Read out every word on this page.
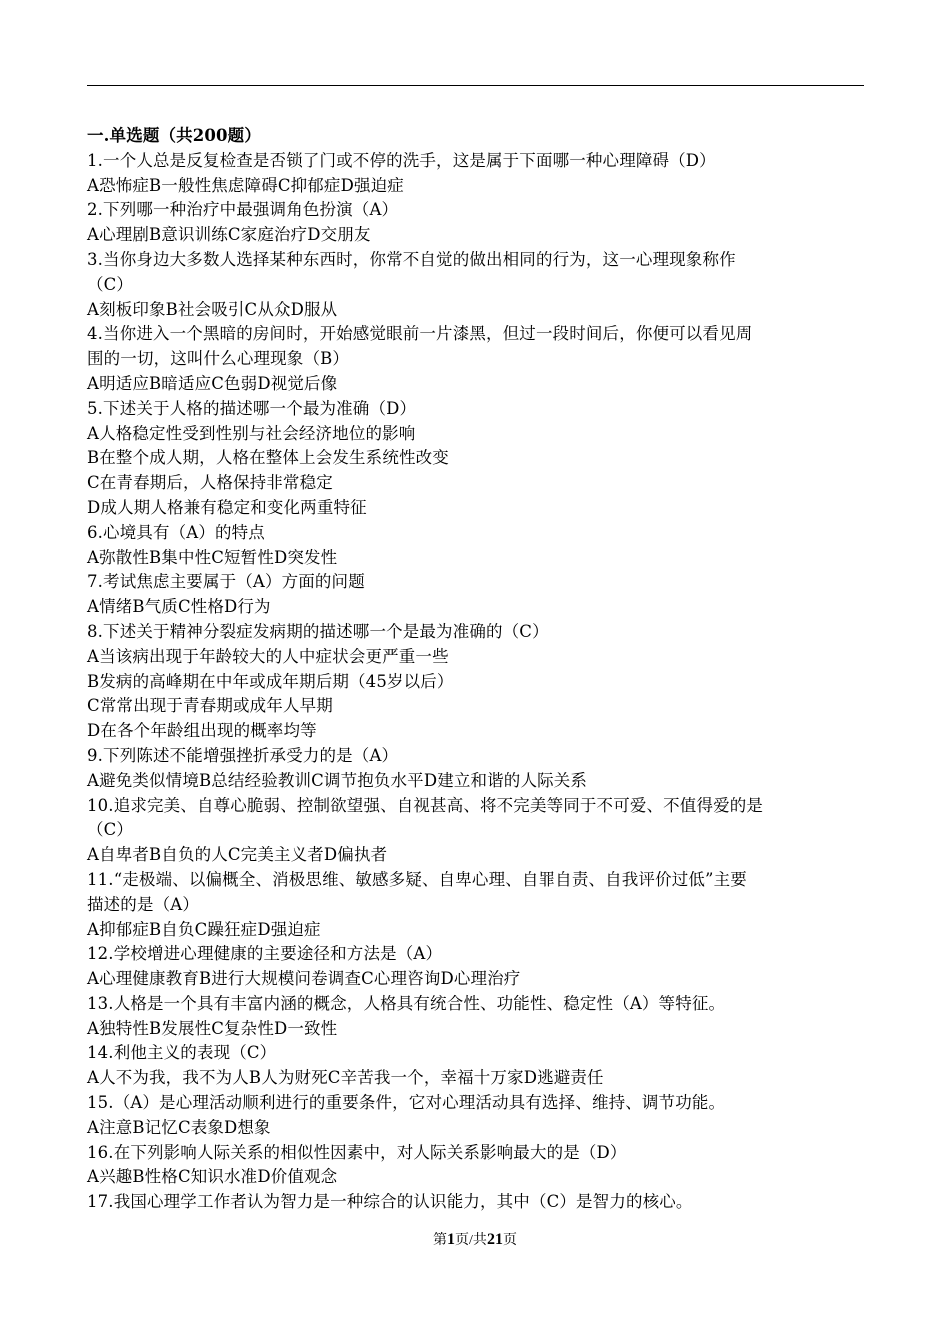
一.单选题（共200题）
1.一个人总是反复检查是否锁了门或不停的洗手，这是属于下面哪一种心理障碍（D）
A恐怖症B一般性焦虑障碍C抑郁症D强迫症
2.下列哪一种治疗中最强调角色扮演（A）
A心理剧B意识训练C家庭治疗D交朋友
3.当你身边大多数人选择某种东西时，你常不自觉的做出相同的行为，这一心理现象称作
（C）
A刻板印象B社会吸引C从众D服从
4.当你进入一个黑暗的房间时，开始感觉眼前一片漆黑，但过一段时间后，你便可以看见周
围的一切，这叫什么心理现象（B）
A明适应B暗适应C色弱D视觉后像
5.下述关于人格的描述哪一个最为准确（D）
A人格稳定性受到性别与社会经济地位的影响
B在整个成人期，人格在整体上会发生系统性改变
C在青春期后，人格保持非常稳定
D成人期人格兼有稳定和变化两重特征
6.心境具有（A）的特点
A弥散性B集中性C短暂性D突发性
7.考试焦虑主要属于（A）方面的问题
A情绪B气质C性格D行为
8.下述关于精神分裂症发病期的描述哪一个是最为准确的（C）
A当该病出现于年龄较大的人中症状会更严重一些
B发病的高峰期在中年或成年期后期（45岁以后）
C常常出现于青春期或成年人早期
D在各个年龄组出现的概率均等
9.下列陈述不能增强挫折承受力的是（A）
A避免类似情境B总结经验教训C调节抱负水平D建立和谐的人际关系
10.追求完美、自尊心脆弱、控制欲望强、自视甚高、将不完美等同于不可爱、不值得爱的是
（C）
A自卑者B自负的人C完美主义者D偏执者
11.“走极端、以偏概全、消极思维、敏感多疑、自卑心理、自罪自责、自我评价过低”主要
描述的是（A）
A抑郁症B自负C躁狂症D强迫症
12.学校增进心理健康的主要途径和方法是（A）
A心理健康教育B进行大规模问卷调查C心理咨询D心理治疗
13.人格是一个具有丰富内涵的概念，人格具有统合性、功能性、稳定性（A）等特征。
A独特性B发展性C复杂性D一致性
14.利他主义的表现（C）
A人不为我，我不为人B人为财死C辛苦我一个，幸福十万家D逃避责任
15.（A）是心理活动顺利进行的重要条件，它对心理活动具有选择、维持、调节功能。
A注意B记忆C表象D想象
16.在下列影响人际关系的相似性因素中，对人际关系影响最大的是（D）
A兴趣B性格C知识水准D价值观念
17.我国心理学工作者认为智力是一种综合的认识能力，其中（C）是智力的核心。
第1页/共21页
